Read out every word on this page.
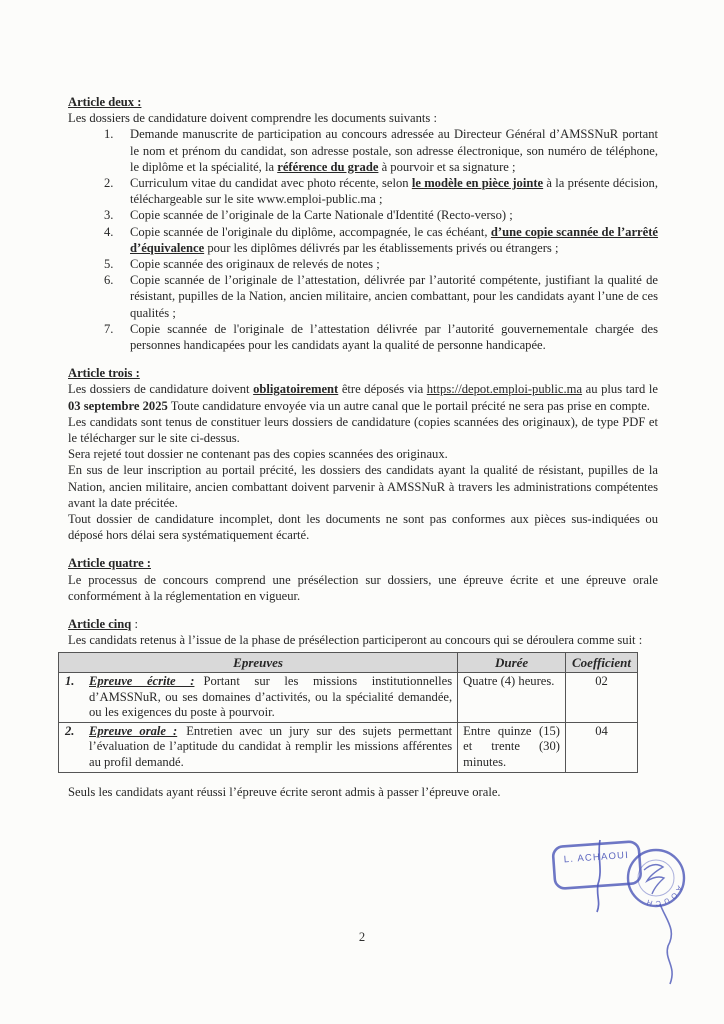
Article deux :

Les dossiers de candidature doivent comprendre les documents suivants :

1. Demande manuscrite de participation au concours adressée au Directeur Général d’AMSSNuR portant le nom et prénom du candidat, son adresse postale, son adresse électronique, son numéro de téléphone, le diplôme et la spécialité, la référence du grade à pourvoir et sa signature ;
2. Curriculum vitae du candidat avec photo récente, selon le modèle en pièce jointe à la présente décision, téléchargeable sur le site www.emploi-public.ma ;
3. Copie scannée de l’originale de la Carte Nationale d'Identité (Recto-verso) ;
4. Copie scannée de l'originale du diplôme, accompagnée, le cas échéant, d’une copie scannée de l’arrêté d’équivalence pour les diplômes délivrés par les établissements privés ou étrangers ;
5. Copie scannée des originaux de relevés de notes ;
6. Copie scannée de l’originale de l’attestation, délivrée par l’autorité compétente, justifiant la qualité de résistant, pupilles de la Nation, ancien militaire, ancien combattant, pour les candidats ayant l’une de ces qualités ;
7. Copie scannée de l'originale de l’attestation délivrée par l’autorité gouvernementale chargée des personnes handicapées pour les candidats ayant la qualité de personne handicapée.

Article trois :

Les dossiers de candidature doivent obligatoirement être déposés via https://depot.emploi-public.ma au plus tard le 03 septembre 2025 Toute candidature envoyée via un autre canal que le portail précité ne sera pas prise en compte.

Les candidats sont tenus de constituer leurs dossiers de candidature (copies scannées des originaux), de type PDF et le télécharger sur le site ci-dessus.

Sera rejeté tout dossier ne contenant pas des copies scannées des originaux.

En sus de leur inscription au portail précité, les dossiers des candidats ayant la qualité de résistant, pupilles de la Nation, ancien militaire, ancien combattant doivent parvenir à AMSSNuR à travers les administrations compétentes avant la date précitée.

Tout dossier de candidature incomplet, dont les documents ne sont pas conformes aux pièces sus-indiquées ou déposé hors délai sera systématiquement écarté.

Article quatre :

Le processus de concours comprend une présélection sur dossiers, une épreuve écrite et une épreuve orale conformément à la réglementation en vigueur.

Article cinq :

Les candidats retenus à l’issue de la phase de présélection participeront au concours qui se déroulera comme suit :

Epreuves	Durée	Coefficient

1. Epreuve écrite : Portant sur les missions institutionnelles d’AMSSNuR, ou ses domaines d’activités, ou la spécialité demandée, ou les exigences du poste à pourvoir.	Quatre (4) heures.	02

2. Epreuve orale : Entretien avec un jury sur des sujets permettant l’évaluation de l’aptitude du candidat à remplir les missions afférentes au profil demandé.	Entre quinze (15) et trente (30) minutes.	04

Seuls les candidats ayant réussi l’épreuve écrite seront admis à passer l’épreuve orale.

L. ACHAOUI
AOUCH
2
